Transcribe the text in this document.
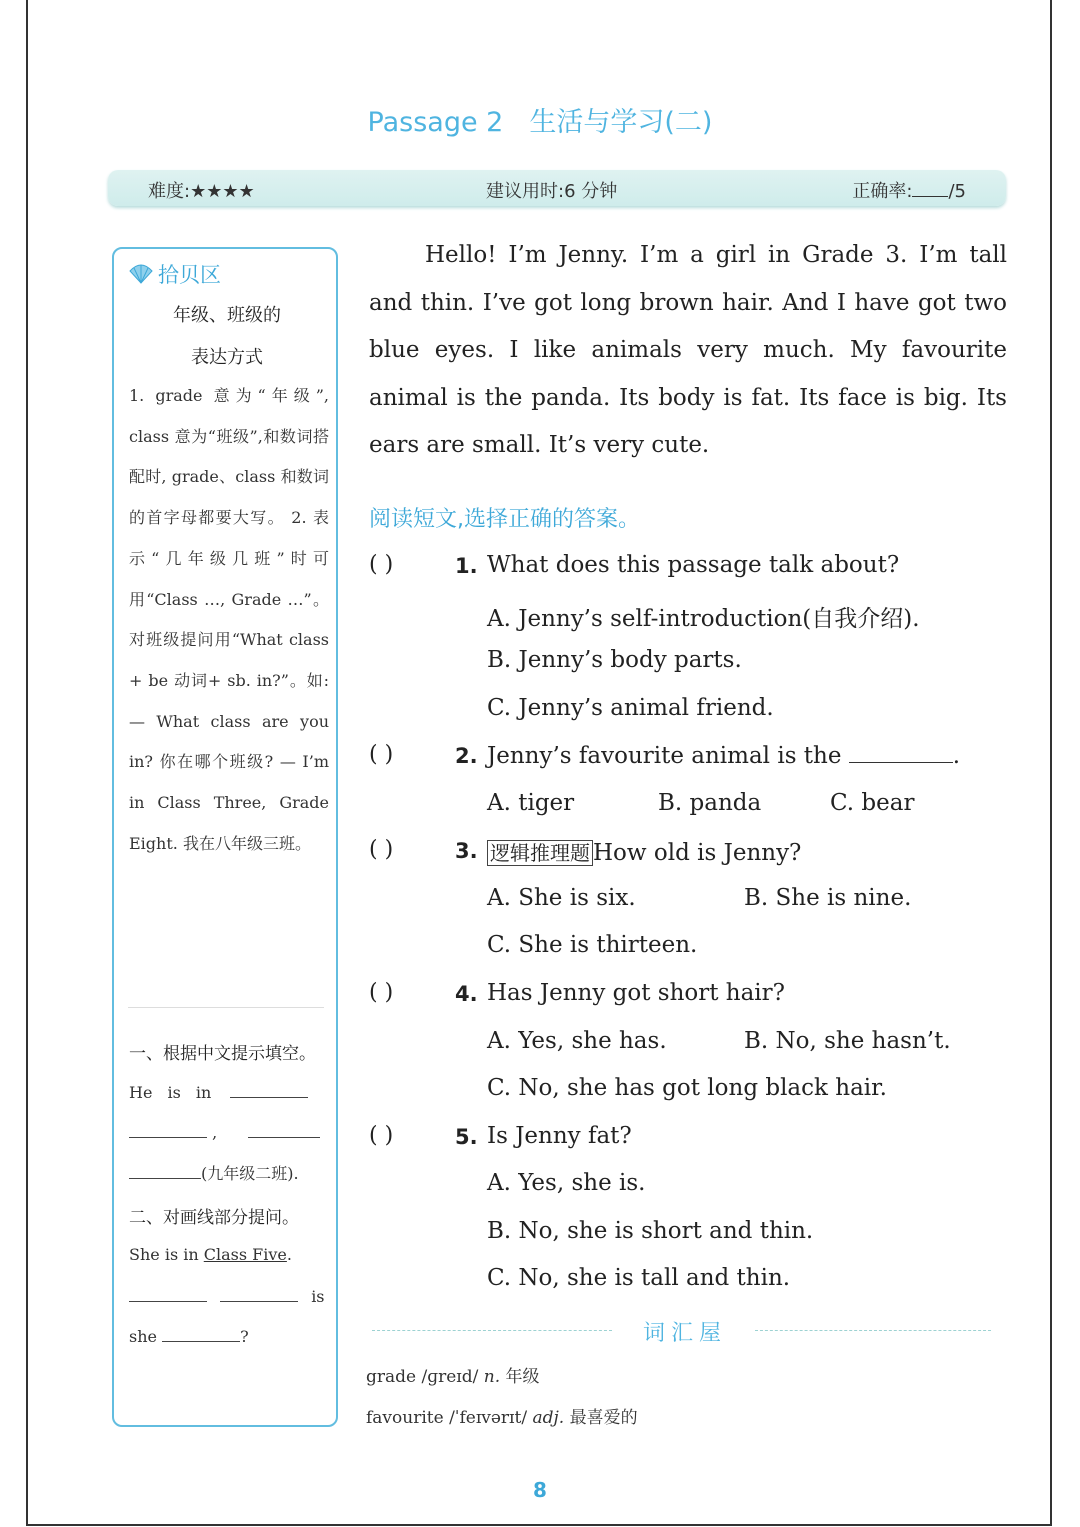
Passage 2 生活与学习(二)
难度:★★★★	建议用时:6 分钟	正确率: /5
拾贝区
年级、班级的
表达方式
1. grade 意为“年级”, class 意为“班级”,和数词搭配时, grade、class 和数词的首字母都要大写。 2. 表示“几年级几班”时可用“Class …, Grade …”。对班级提问用“What class + be 动词+ sb. in?”。如: — What class are you in? 你在哪个班级? — I’m in Class Three, Grade Eight. 我在八年级三班。
一、根据中文提示填空。
He is in
,
(九年级二班).
二、对画线部分提问。
She is in Class Five.
is
she	?
Hello! I’m Jenny. I’m a girl in Grade 3. I’m tall and thin. I’ve got long brown hair. And I have got two blue eyes. I like animals very much. My favourite animal is the panda. Its body is fat. Its face is big. Its ears are small. It’s very cute.
阅读短文,选择正确的答案。
( )	1. What does this passage talk about?
A. Jenny’s self-introduction(自我介绍).
B. Jenny’s body parts.
C. Jenny’s animal friend.
( )	2. Jenny’s favourite animal is the	.
A. tiger	B. panda	C. bear
( )	3. 逻辑推理题 How old is Jenny?
A. She is six.	B. She is nine.
C. She is thirteen.
( )	4. Has Jenny got short hair?
A. Yes, she has.	B. No, she hasn’t.
C. No, she has got long black hair.
( )	5. Is Jenny fat?
A. Yes, she is.
B. No, she is short and thin.
C. No, she is tall and thin.
词汇屋
grade /ɡreɪd/ n. 年级
favourite /ˈfeɪvərɪt/ adj. 最喜爱的
8
